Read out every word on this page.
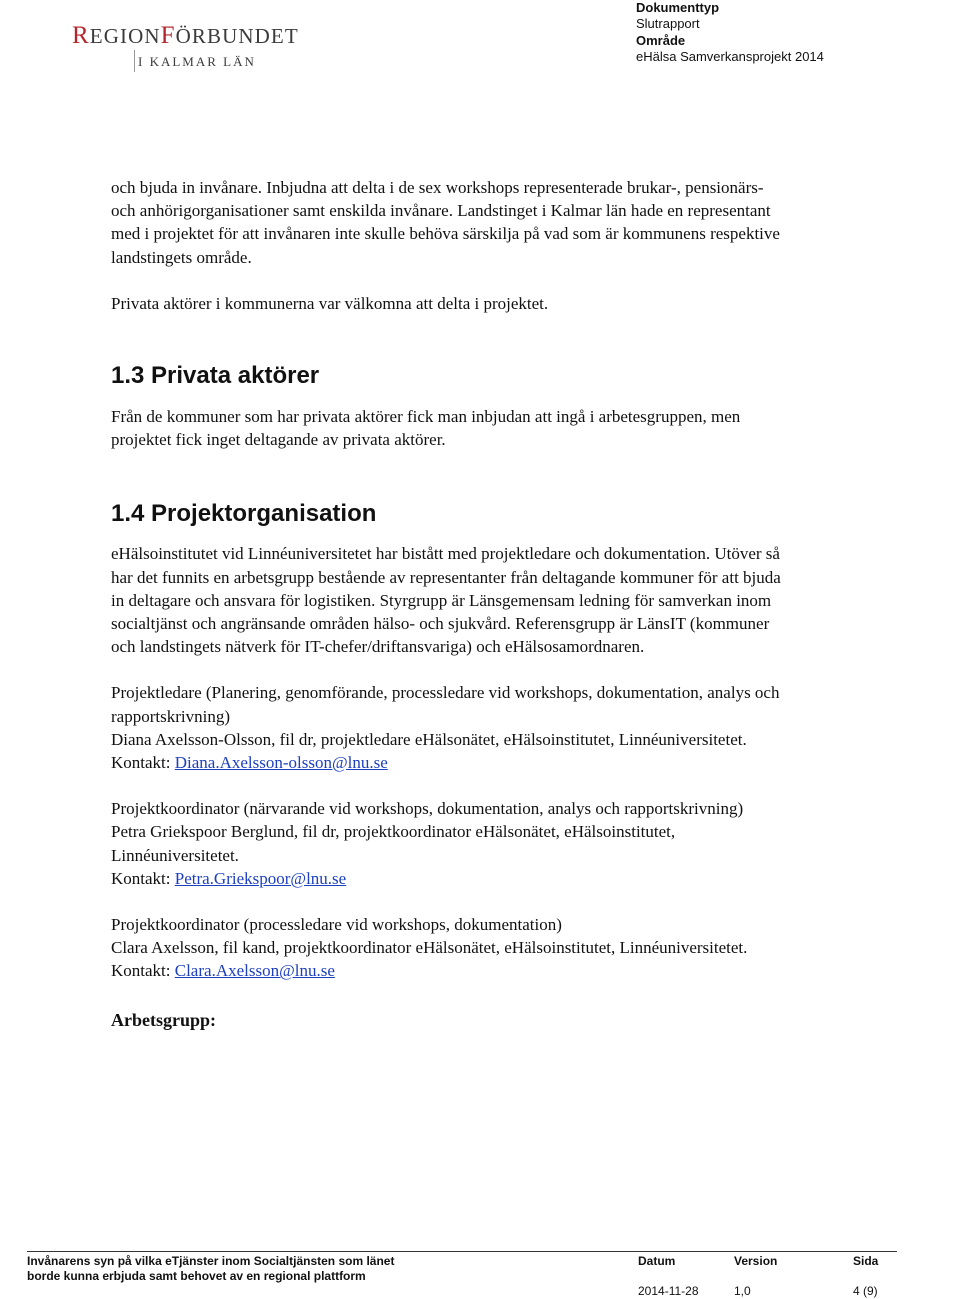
REGIONFÖRBUNDET
I KALMAR LÄN
Dokumenttyp
Slutrapport
Område
eHälsa Samverkansprojekt 2014

och bjuda in invånare. Inbjudna att delta i de sex workshops representerade brukar-, pensionärs- och anhörigorganisationer samt enskilda invånare. Landstinget i Kalmar län hade en representant med i projektet för att invånaren inte skulle behöva särskilja på vad som är kommunens respektive landstingets område.

Privata aktörer i kommunerna var välkomna att delta i projektet.

1.3 Privata aktörer

Från de kommuner som har privata aktörer fick man inbjudan att ingå i arbetesgruppen, men projektet fick inget deltagande av privata aktörer.

1.4 Projektorganisation

eHälsoinstitutet vid Linnéuniversitetet har bistått med projektledare och dokumentation. Utöver så har det funnits en arbetsgrupp bestående av representanter från deltagande kommuner för att bjuda in deltagare och ansvara för logistiken. Styrgrupp är Länsgemensam ledning för samverkan inom socialtjänst och angränsande områden hälso- och sjukvård. Referensgrupp är LänsIT (kommuner och landstingets nätverk för IT-chefer/driftansvariga) och eHälsosamordnaren.

Projektledare (Planering, genomförande, processledare vid workshops, dokumentation, analys och rapportskrivning)

Diana Axelsson-Olsson, fil dr, projektledare eHälsonätet, eHälsoinstitutet, Linnéuniversitetet.

Kontakt: Diana.Axelsson-olsson@lnu.se

Projektkoordinator (närvarande vid workshops, dokumentation, analys och rapportskrivning)

Petra Griekspoor Berglund, fil dr, projektkoordinator eHälsonätet, eHälsoinstitutet, Linnéuniversitetet.

Kontakt: Petra.Griekspoor@lnu.se

Projektkoordinator (processledare vid workshops, dokumentation)

Clara Axelsson, fil kand, projektkoordinator eHälsonätet, eHälsoinstitutet, Linnéuniversitetet.

Kontakt: Clara.Axelsson@lnu.se

Arbetsgrupp:

Invånarens syn på vilka eTjänster inom Socialtjänsten som länet
borde kunna erbjuda samt behovet av en regional plattform
Datum	Version	Sida
2014-11-28	1,0	4 (9)
